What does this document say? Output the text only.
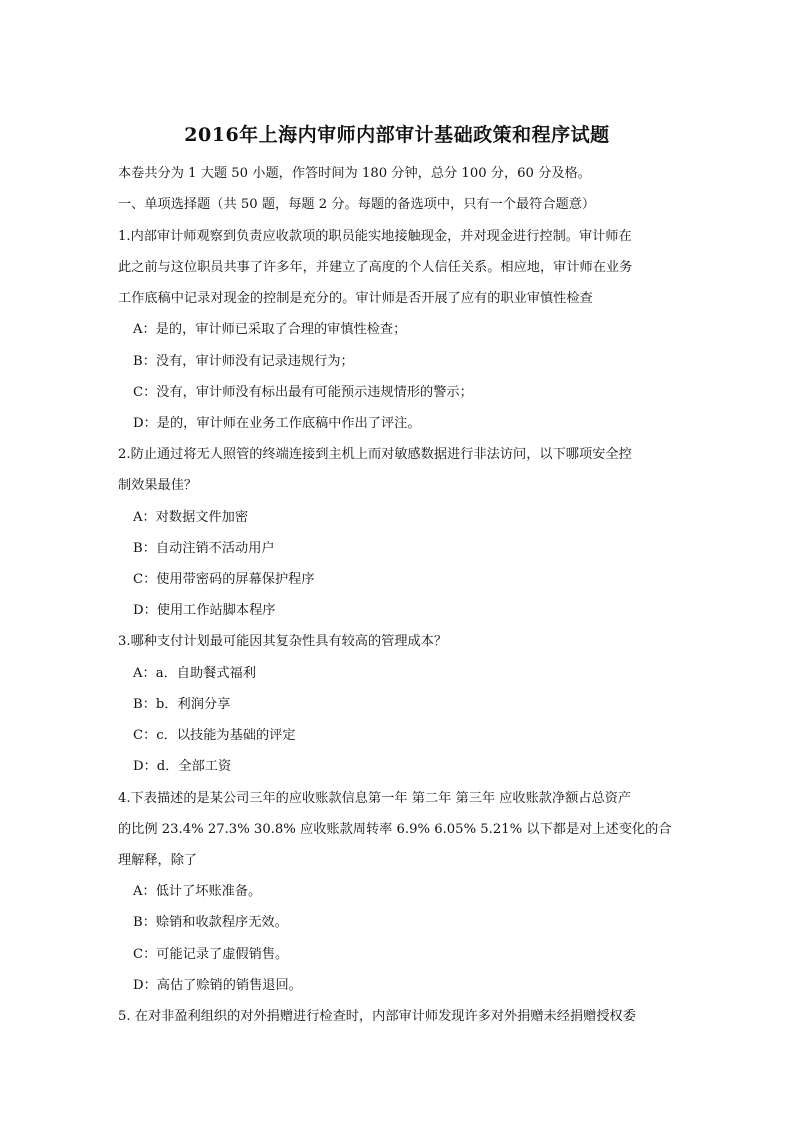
2016年上海内审师内部审计基础政策和程序试题
本卷共分为 1 大题 50 小题，作答时间为 180 分钟，总分 100 分，60 分及格。
一、单项选择题（共 50 题，每题 2 分。每题的备选项中，只有一个最符合题意）
1.内部审计师观察到负责应收款项的职员能实地接触现金，并对现金进行控制。审计师在
此之前与这位职员共事了许多年，并建立了高度的个人信任关系。相应地，审计师在业务
工作底稿中记录对现金的控制是充分的。审计师是否开展了应有的职业审慎性检查
A：是的，审计师已采取了合理的审慎性检查；
B：没有，审计师没有记录违规行为；
C：没有，审计师没有标出最有可能预示违规情形的警示；
D：是的，审计师在业务工作底稿中作出了评注。
2.防止通过将无人照管的终端连接到主机上而对敏感数据进行非法访问，以下哪项安全控
制效果最佳？
A：对数据文件加密
B：自动注销不活动用户
C：使用带密码的屏幕保护程序
D：使用工作站脚本程序
3.哪种支付计划最可能因其复杂性具有较高的管理成本？
A：a．自助餐式福利
B：b．利润分享
C：c．以技能为基础的评定
D：d．全部工资
4.下表描述的是某公司三年的应收账款信息第一年 第二年 第三年 应收账款净额占总资产
的比例 23.4% 27.3% 30.8% 应收账款周转率 6.9% 6.05% 5.21% 以下都是对上述变化的合
理解释，除了
A：低计了坏账准备。
B：赊销和收款程序无效。
C：可能记录了虚假销售。
D：高估了赊销的销售退回。
5. 在对非盈利组织的对外捐赠进行检查时，内部审计师发现许多对外捐赠未经捐赠授权委
